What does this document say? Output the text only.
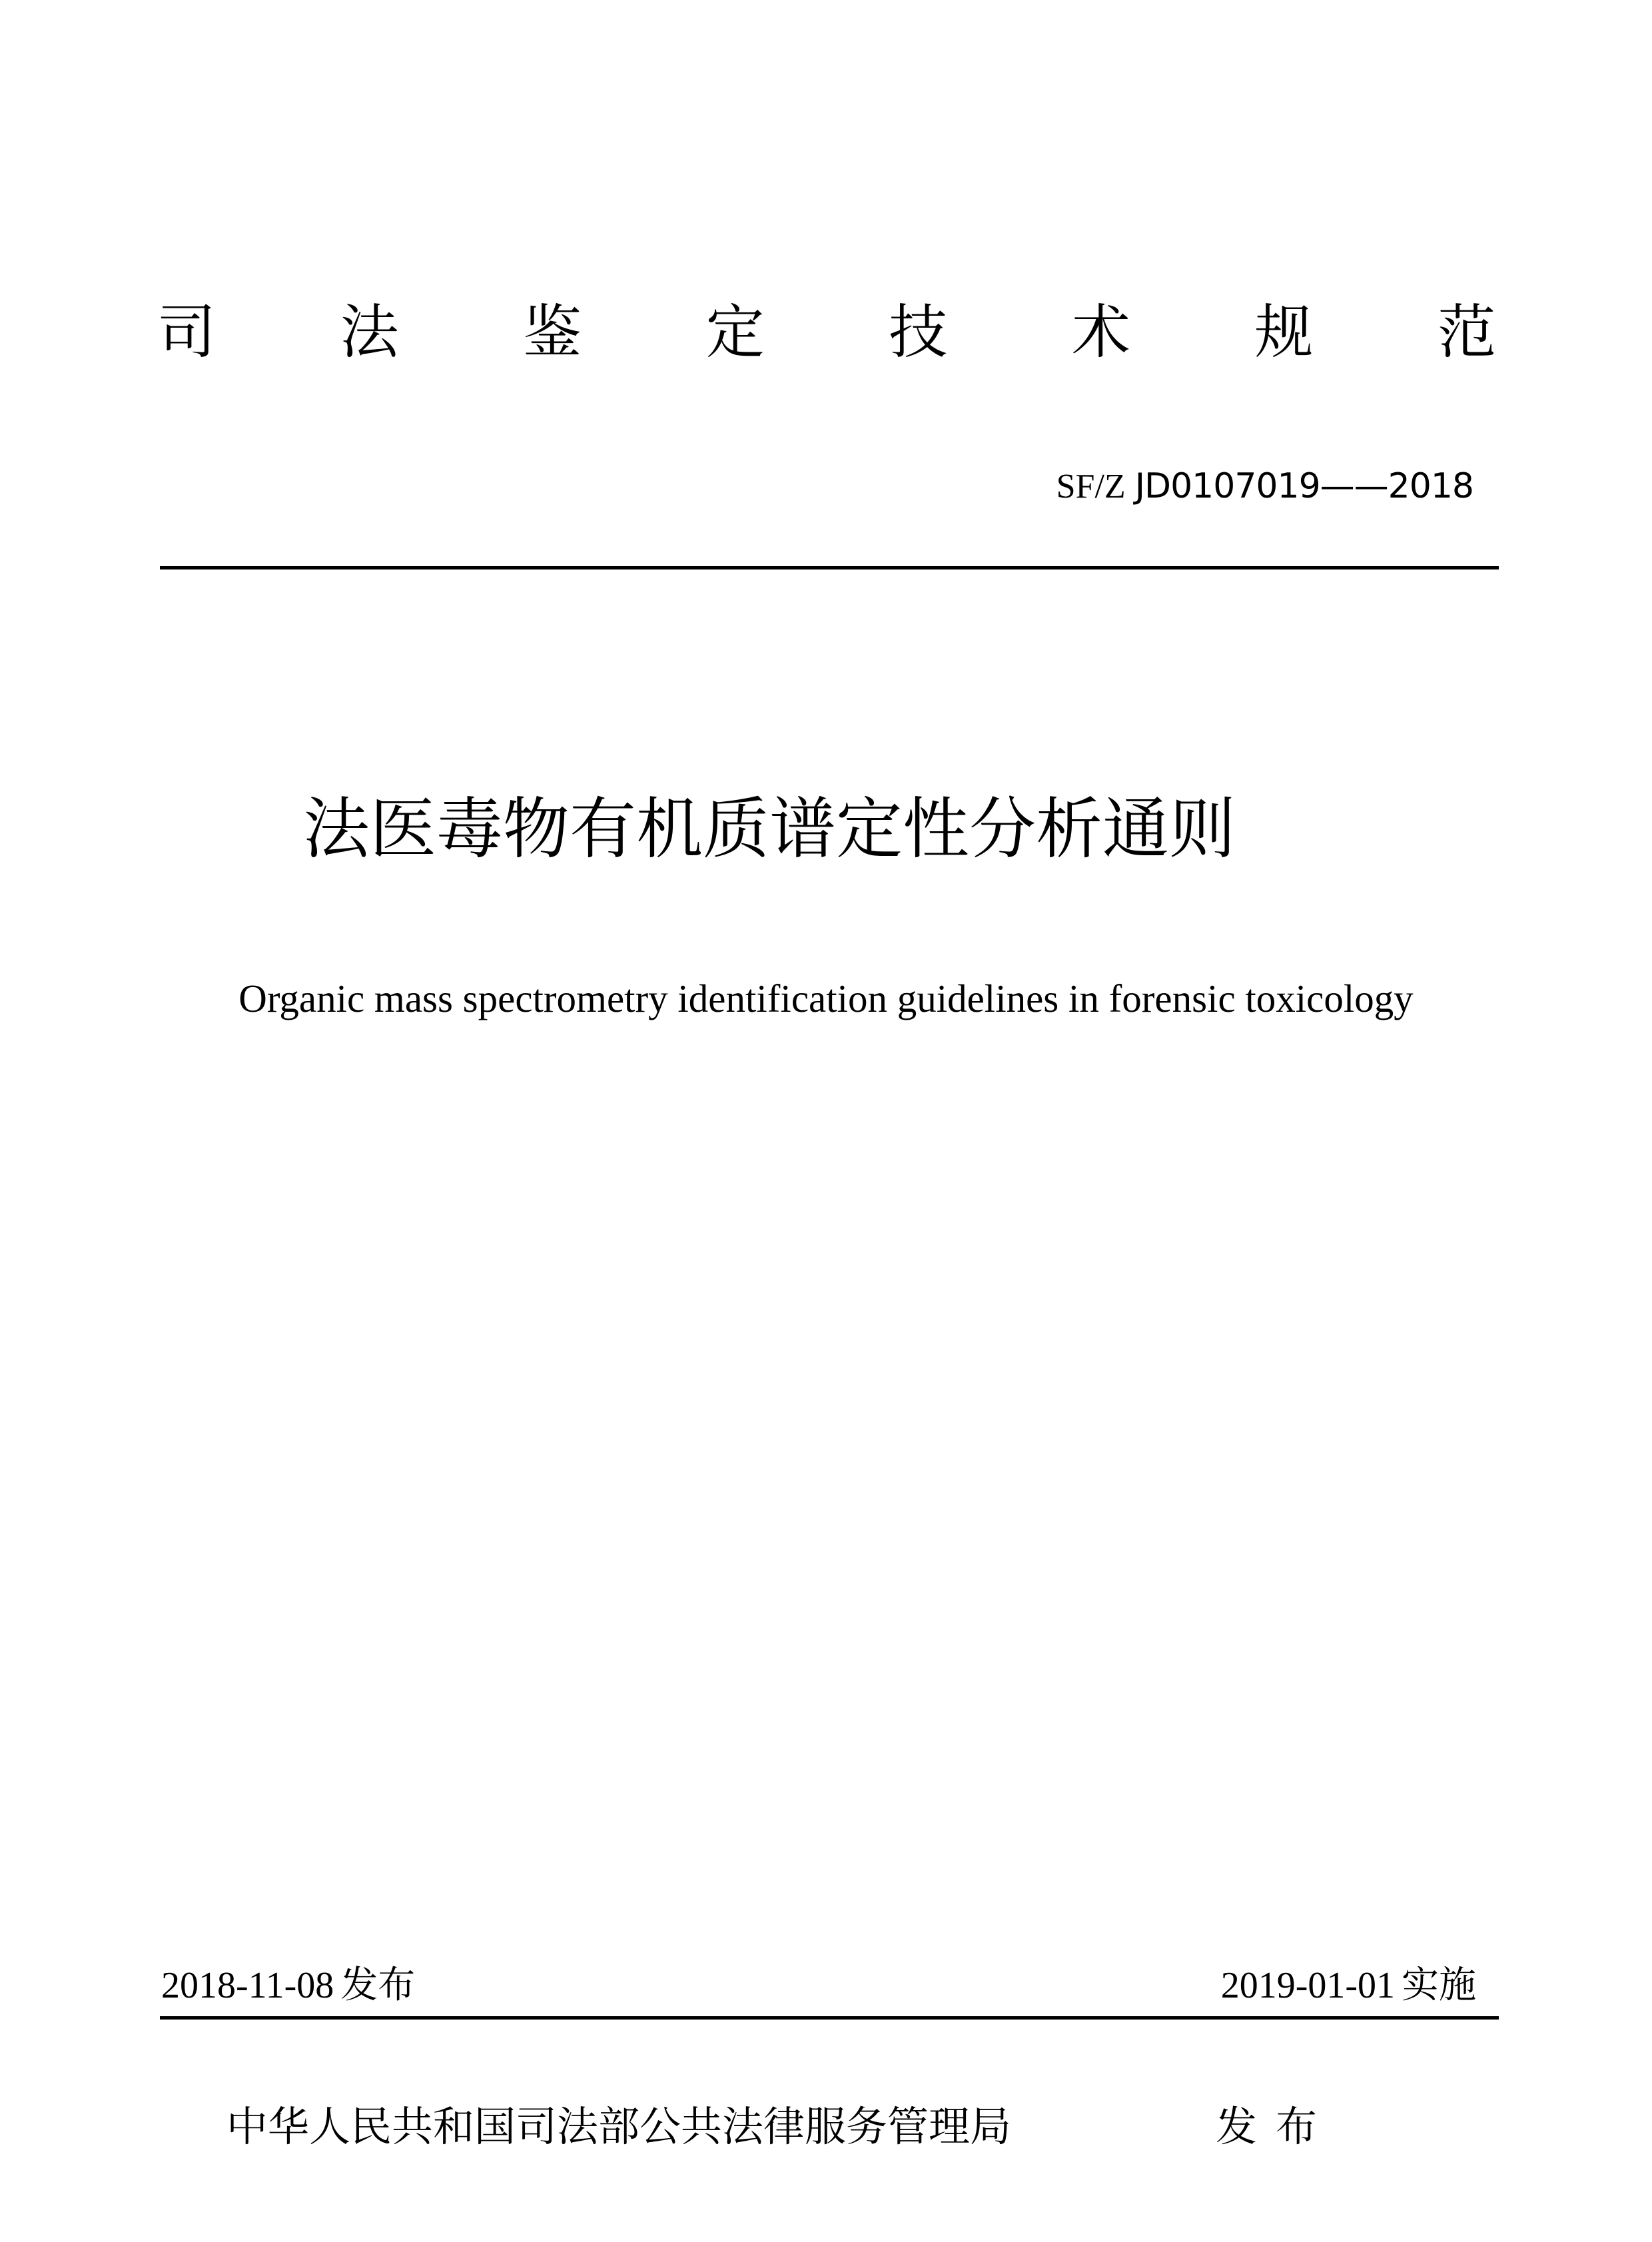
司 法 鉴 定 技 术 规 范
SF/Z JD0107019——2018
法医毒物有机质谱定性分析通则
Organic mass spectrometry identification guidelines in forensic toxicology
2018-11-08 发布	2019-01-01 实施
中华人民共和国司法部公共法律服务管理局	发布
